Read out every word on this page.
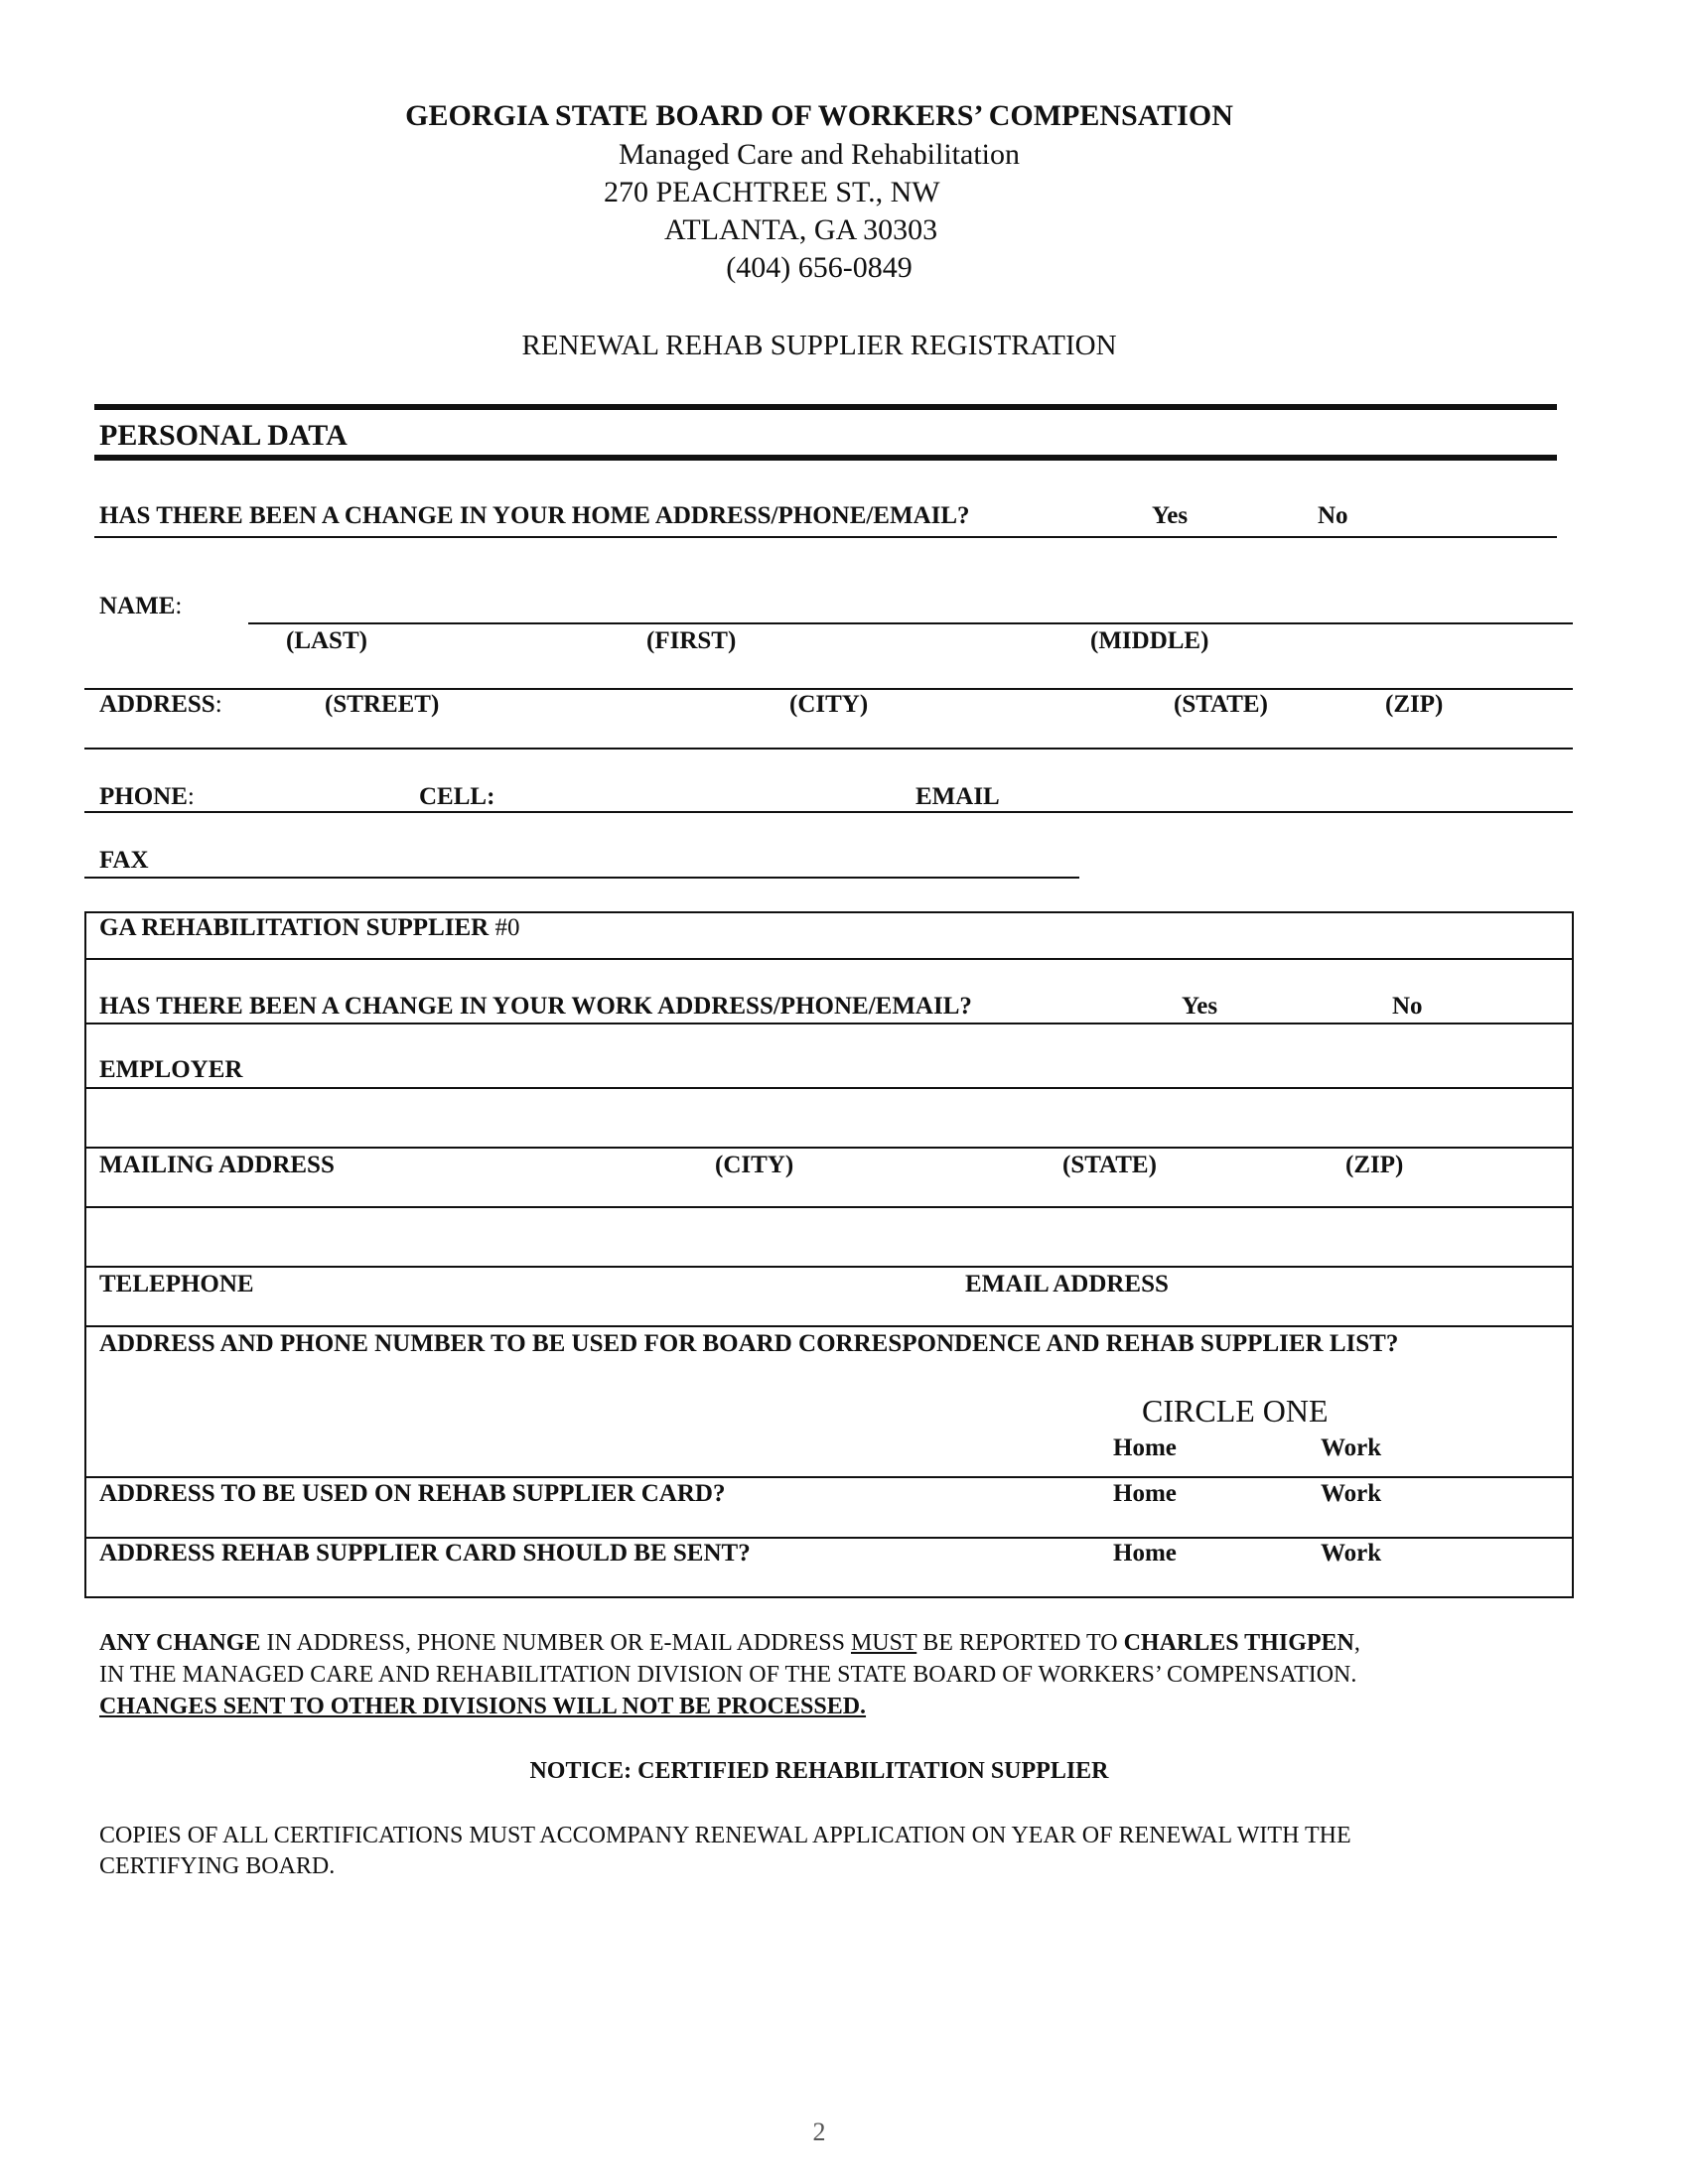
GEORGIA STATE BOARD OF WORKERS’ COMPENSATION
Managed Care and Rehabilitation
270 PEACHTREE ST., NW
ATLANTA, GA 30303
(404) 656-0849
RENEWAL REHAB SUPPLIER REGISTRATION
PERSONAL DATA
HAS THERE BEEN A CHANGE IN YOUR HOME ADDRESS/PHONE/EMAIL?	Yes	No
NAME:
(LAST)	(FIRST)	(MIDDLE)
ADDRESS:	(STREET)	(CITY)	(STATE)	(ZIP)
PHONE:	CELL:	EMAIL
FAX
GA REHABILITATION SUPPLIER #0
HAS THERE BEEN A CHANGE IN YOUR WORK ADDRESS/PHONE/EMAIL?	Yes	No
EMPLOYER
MAILING ADDRESS	(CITY)	(STATE)	(ZIP)
TELEPHONE	EMAIL ADDRESS
ADDRESS AND PHONE NUMBER TO BE USED FOR BOARD CORRESPONDENCE AND REHAB SUPPLIER LIST?
CIRCLE ONE
Home	Work
ADDRESS TO BE USED ON REHAB SUPPLIER CARD?	Home	Work
ADDRESS REHAB SUPPLIER CARD SHOULD BE SENT?	Home	Work
ANY CHANGE IN ADDRESS, PHONE NUMBER OR E-MAIL ADDRESS MUST BE REPORTED TO CHARLES THIGPEN,
IN THE MANAGED CARE AND REHABILITATION DIVISION OF THE STATE BOARD OF WORKERS’ COMPENSATION.
CHANGES SENT TO OTHER DIVISIONS WILL NOT BE PROCESSED.
NOTICE: CERTIFIED REHABILITATION SUPPLIER
COPIES OF ALL CERTIFICATIONS MUST ACCOMPANY RENEWAL APPLICATION ON YEAR OF RENEWAL WITH THE
CERTIFYING BOARD.
2
